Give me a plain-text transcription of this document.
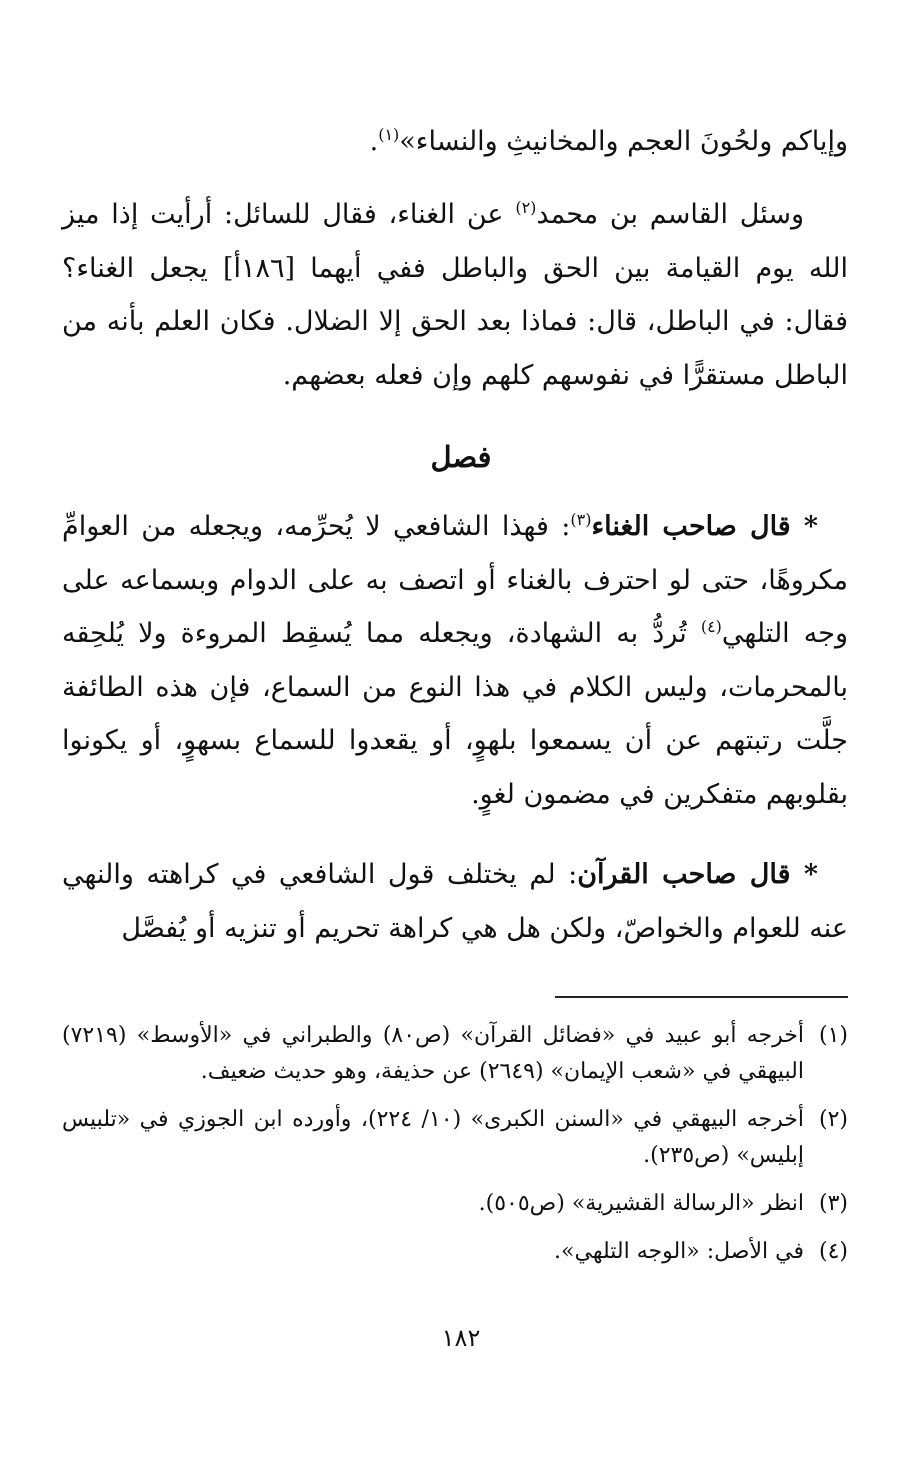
وإياكم ولحُونَ العجم والمخانيثِ والنساء»$^{(١)}$.

وسئل القاسم بن محمد$^{(٢)}$ عن الغناء، فقال للسائل: أرأيت إذا ميز الله يوم القيامة بين الحق والباطل ففي أيهما [١٨٦أ] يجعل الغناء؟ فقال: في الباطل، قال: فماذا بعد الحق إلا الضلال. فكان العلم بأنه من الباطل مستقرًّا في نفوسهم كلهم وإن فعله بعضهم.

فصل

* قال صاحب الغناء$^{(٣)}$: فهذا الشافعي لا يُحرِّمه، ويجعله من العوامِّ مكروهًا، حتى لو احترف بالغناء أو اتصف به على الدوام وبسماعه على وجه التلهي$^{(٤)}$ تُردُّ به الشهادة، ويجعله مما يُسقِط المروءة ولا يُلحِقه بالمحرمات، وليس الكلام في هذا النوع من السماع، فإن هذه الطائفة جلَّت رتبتهم عن أن يسمعوا بلهوٍ، أو يقعدوا للسماع بسهوٍ، أو يكونوا بقلوبهم متفكرين في مضمون لغوٍ.

* قال صاحب القرآن: لم يختلف قول الشافعي في كراهته والنهي عنه للعوام والخواصّ، ولكن هل هي كراهة تحريم أو تنزيه أو يُفصَّل

(١)
أخرجه أبو عبيد في «فضائل القرآن» (ص٨٠) والطبراني في «الأوسط» (٧٢١٩) البيهقي في «شعب الإيمان» (٢٦٤٩) عن حذيفة، وهو حديث ضعيف.
(٢)
أخرجه البيهقي في «السنن الكبرى» (١٠/ ٢٢٤)، وأورده ابن الجوزي في «تلبيس إبليس» (ص٢٣٥).
(٣)
انظر «الرسالة القشيرية» (ص٥٠٥).
(٤)
في الأصل: «الوجه التلهي».
١٨٢
